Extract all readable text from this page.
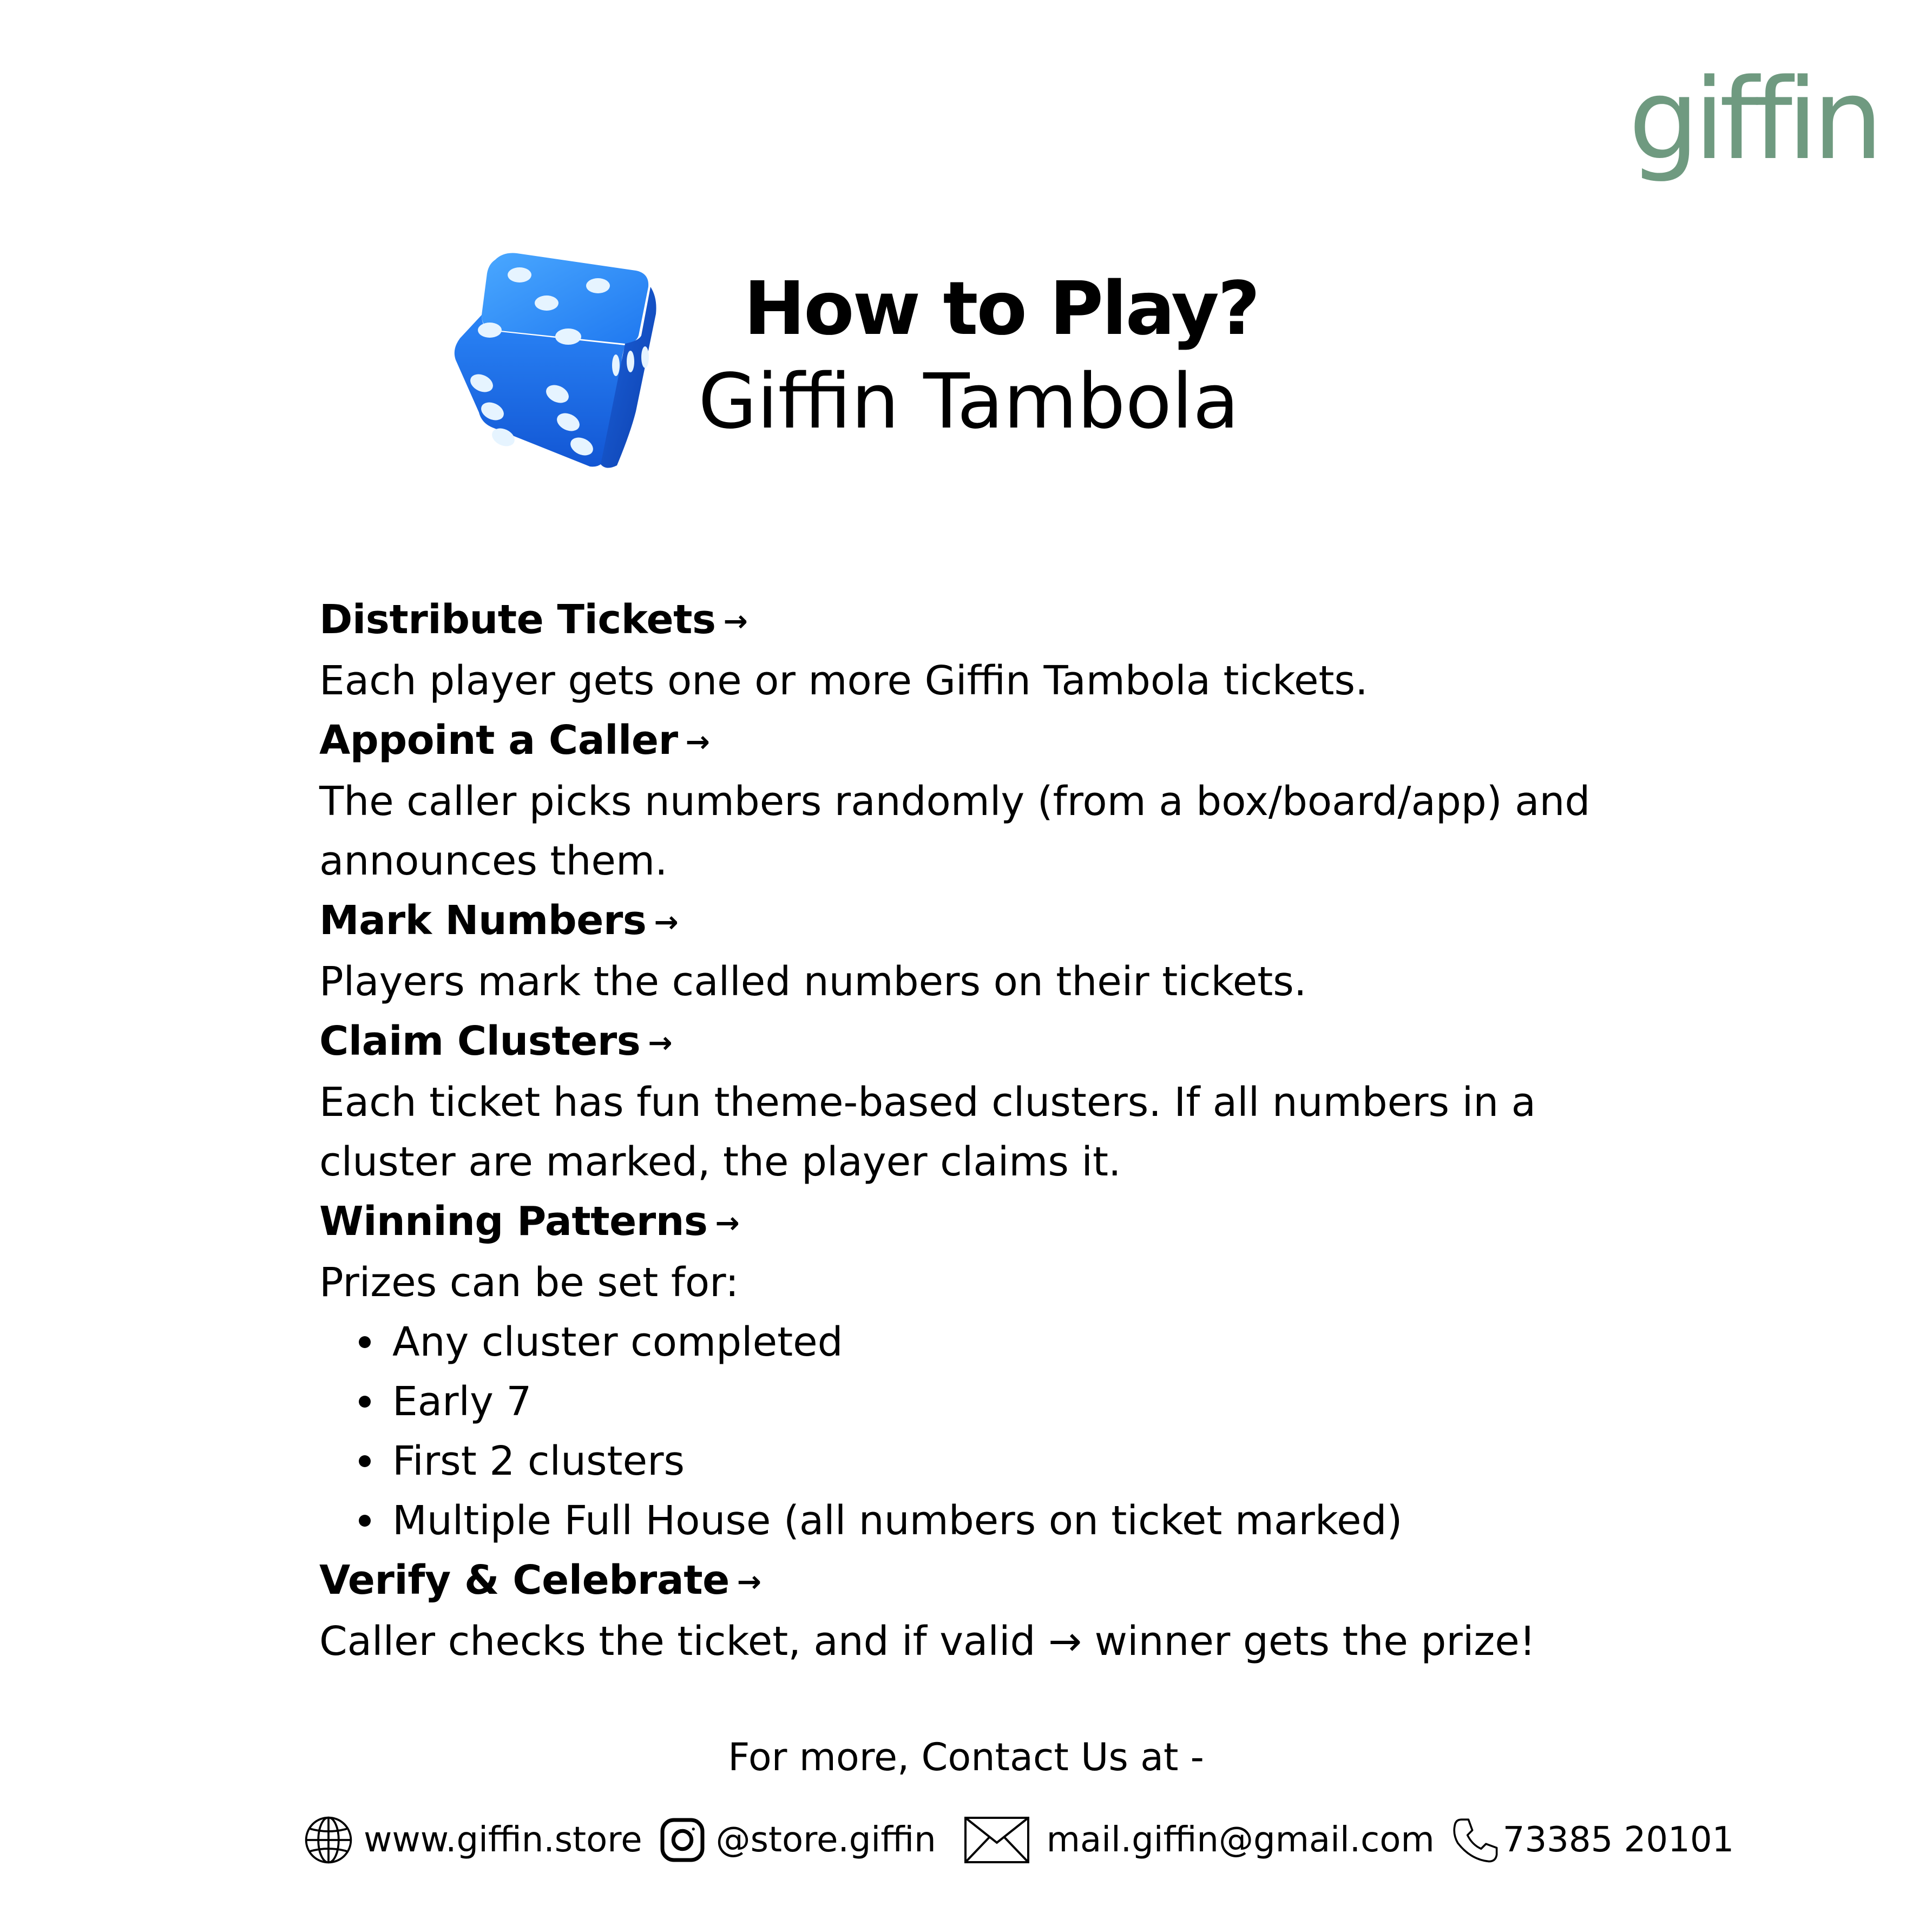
giffin
How to Play?
Giffin Tambola
Distribute Tickets →
Each player gets one or more Giffin Tambola tickets.
Appoint a Caller →
The caller picks numbers randomly (from a box/board/app) and announces them.
Mark Numbers →
Players mark the called numbers on their tickets.
Claim Clusters →
Each ticket has fun theme-based clusters. If all numbers in a cluster are marked, the player claims it.
Winning Patterns →
Prizes can be set for:
Any cluster completed
Early 7
First 2 clusters
Multiple Full House (all numbers on ticket marked)
Verify & Celebrate →
Caller checks the ticket, and if valid → winner gets the prize!
For more, Contact Us at -
www.giffin.store @store.giffin	mail.giffin@gmail.com 73385 20101
